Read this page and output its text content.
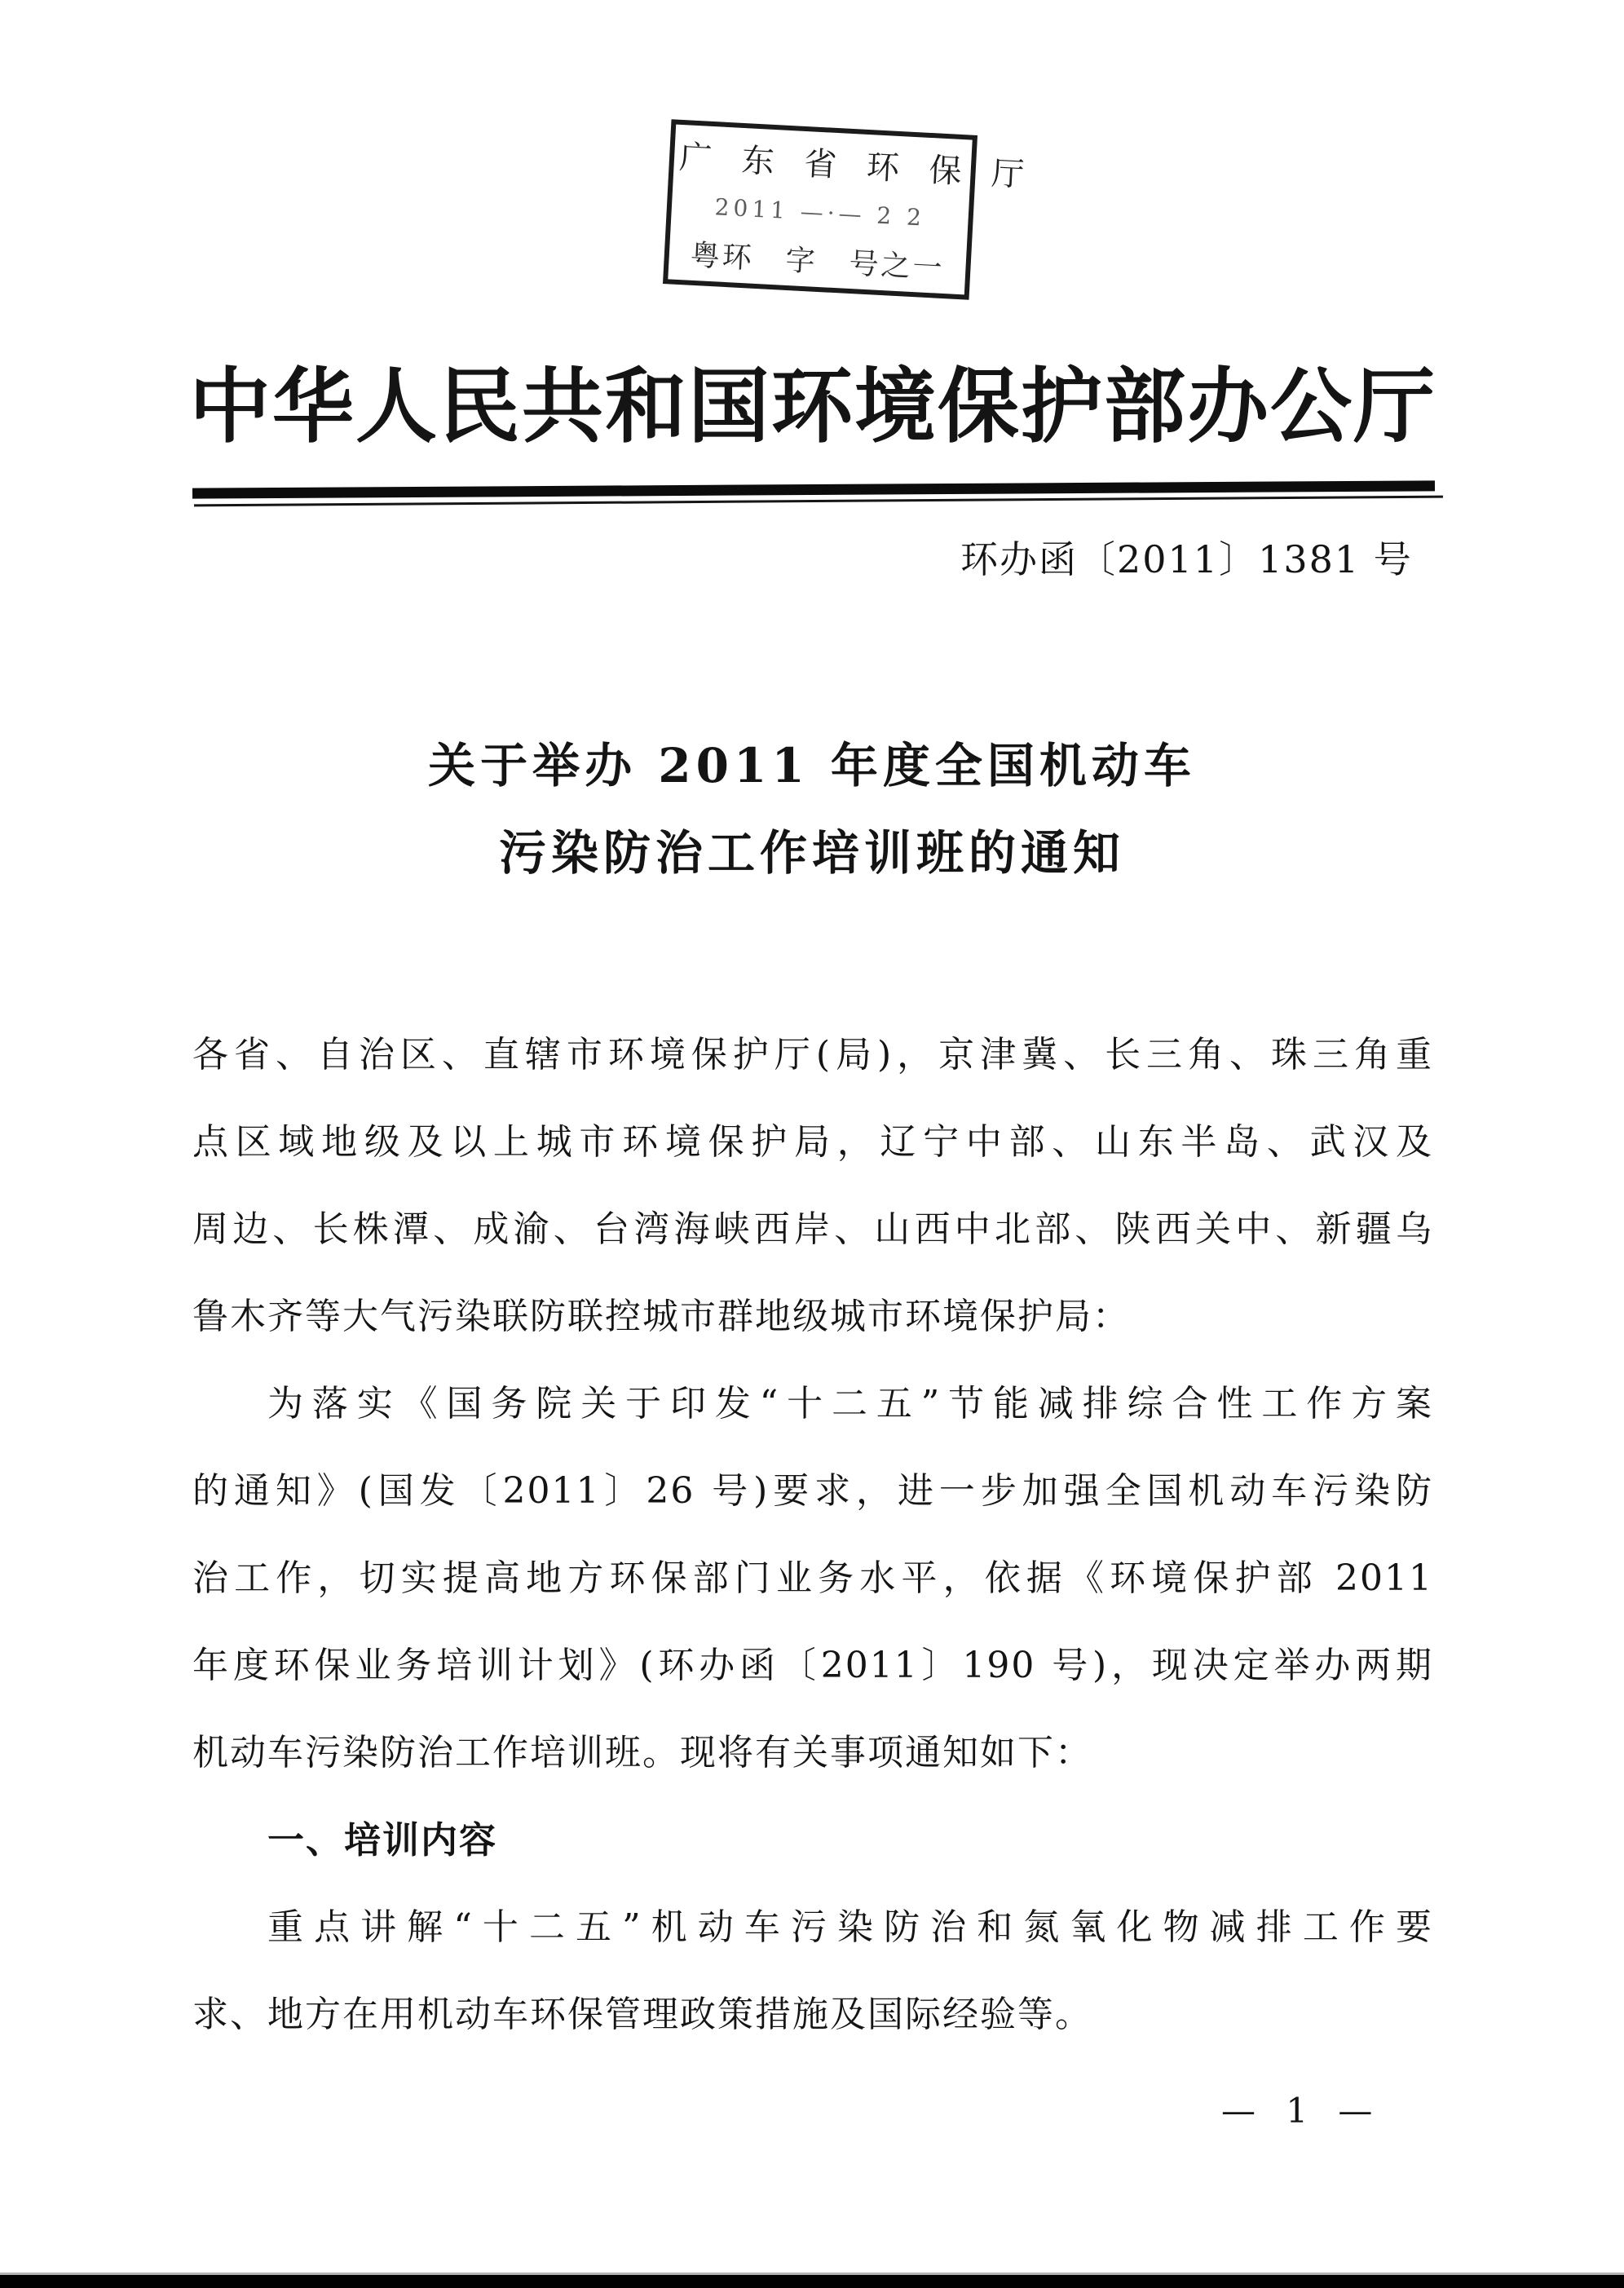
广 东 省 环 保 厅
2011 —·— 2 2
粤环　字　号之一
中华人民共和国环境保护部办公厅
环办函〔2011〕1381 号
关于举办 2011 年度全国机动车
污染防治工作培训班的通知
各省、自治区、直辖市环境保护厅(局)，京津冀、长三角、珠三角重
点区域地级及以上城市环境保护局，辽宁中部、山东半岛、武汉及
周边、长株潭、成渝、台湾海峡西岸、山西中北部、陕西关中、新疆乌
鲁木齐等大气污染联防联控城市群地级城市环境保护局：
为落实《国务院关于印发“十二五”节能减排综合性工作方案
的通知》(国发〔2011〕26 号)要求，进一步加强全国机动车污染防
治工作，切实提高地方环保部门业务水平，依据《环境保护部 2011
年度环保业务培训计划》(环办函〔2011〕190 号)，现决定举办两期
机动车污染防治工作培训班。现将有关事项通知如下：
一、培训内容
重点讲解“十二五”机动车污染防治和氮氧化物减排工作要
求、地方在用机动车环保管理政策措施及国际经验等。
— 1 —
